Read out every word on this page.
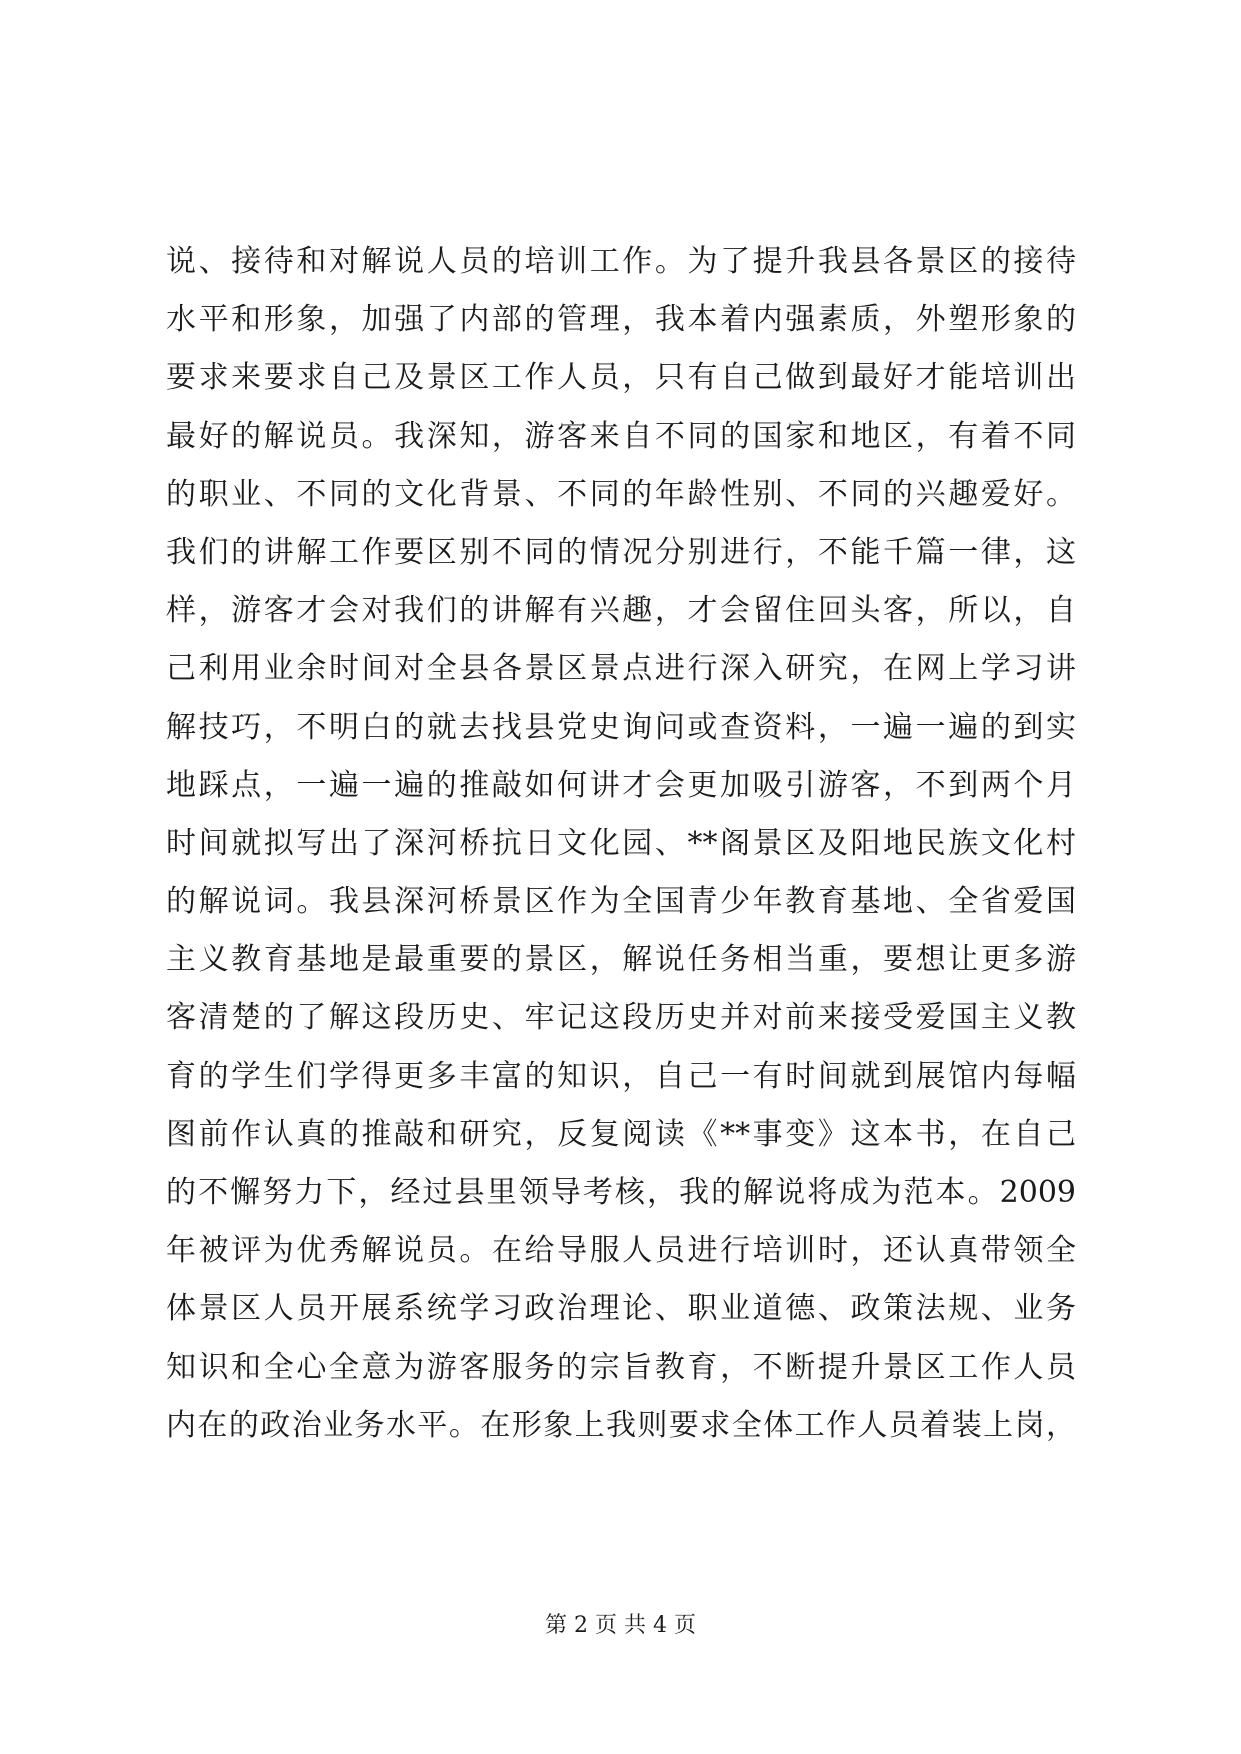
说、接待和对解说人员的培训工作。为了提升我县各景区的接待
水平和形象，加强了内部的管理，我本着内强素质，外塑形象的
要求来要求自己及景区工作人员，只有自己做到最好才能培训出
最好的解说员。我深知，游客来自不同的国家和地区，有着不同
的职业、不同的文化背景、不同的年龄性别、不同的兴趣爱好。
我们的讲解工作要区别不同的情况分别进行，不能千篇一律，这
样，游客才会对我们的讲解有兴趣，才会留住回头客，所以，自
己利用业余时间对全县各景区景点进行深入研究，在网上学习讲
解技巧，不明白的就去找县党史询问或查资料，一遍一遍的到实
地踩点，一遍一遍的推敲如何讲才会更加吸引游客，不到两个月
时间就拟写出了深河桥抗日文化园、**阁景区及阳地民族文化村
的解说词。我县深河桥景区作为全国青少年教育基地、全省爱国
主义教育基地是最重要的景区，解说任务相当重，要想让更多游
客清楚的了解这段历史、牢记这段历史并对前来接受爱国主义教
育的学生们学得更多丰富的知识，自己一有时间就到展馆内每幅
图前作认真的推敲和研究，反复阅读《**事变》这本书，在自己
的不懈努力下，经过县里领导考核，我的解说将成为范本。2009
年被评为优秀解说员。在给导服人员进行培训时，还认真带领全
体景区人员开展系统学习政治理论、职业道德、政策法规、业务
知识和全心全意为游客服务的宗旨教育，不断提升景区工作人员
内在的政治业务水平。在形象上我则要求全体工作人员着装上岗，
第 2 页 共 4 页
